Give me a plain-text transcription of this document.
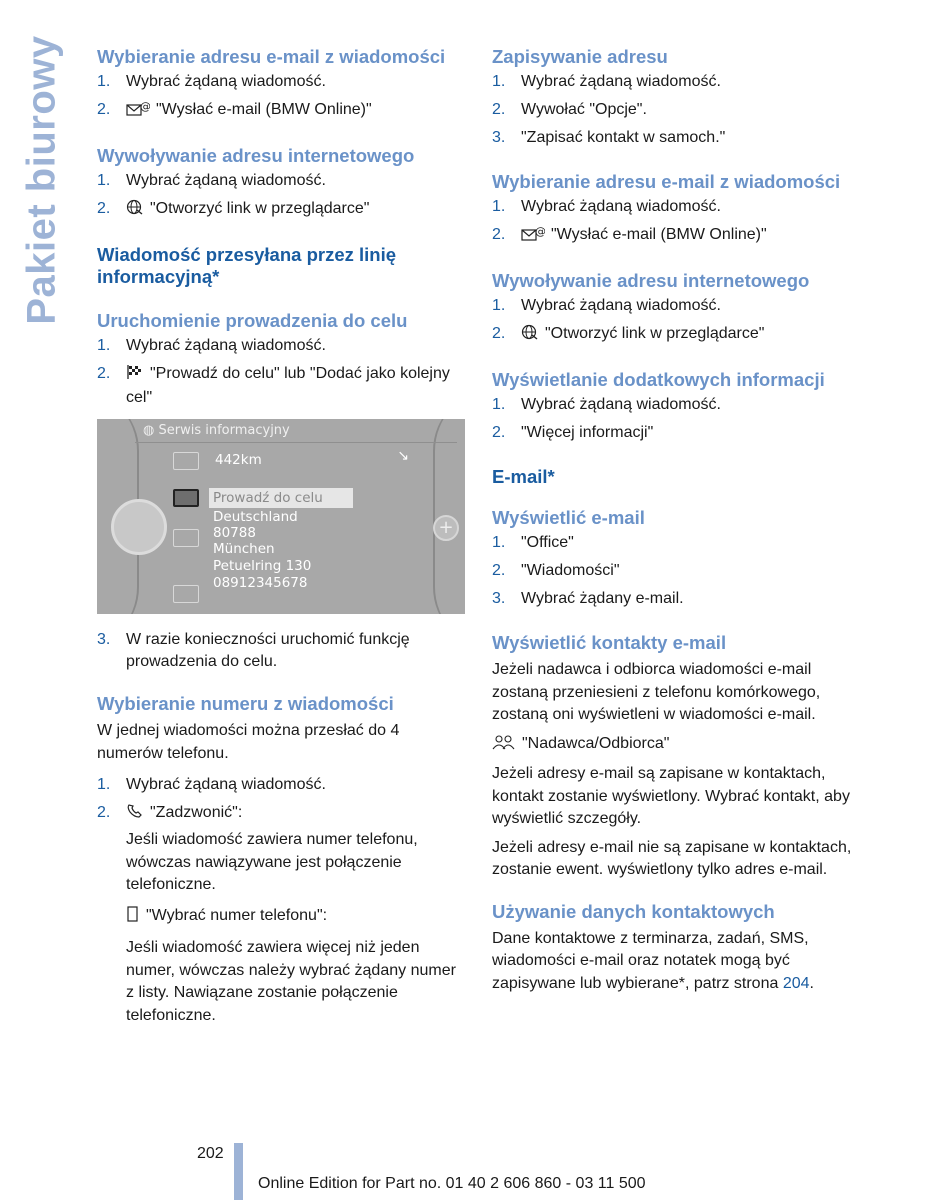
Pakiet biurowy Wybieranie adresu e-mail z wiadomości
1. Wybrać żądaną wiadomość.
2.	@ "Wysłać e-mail (BMW Online)"
Wywoływanie adresu internetowego
1. Wybrać żądaną wiadomość.
2.	"Otworzyć link w przeglądarce"
Wiadomość przesyłana przez linię informacyjną*
Uruchomienie prowadzenia do celu
1. Wybrać żądaną wiadomość.
2.	"Prowadź do celu" lub "Dodać jako kolejny cel"
◍ Serwis informacyjny
442km	↘
Prowadź do celu
Deutschland
80788
München
Petuelring 130
08912345678
+
3. W razie konieczności uruchomić funkcję prowadzenia do celu.
Wybieranie numeru z wiadomości
W jednej wiadomości można przesłać do 4 numerów telefonu.
1. Wybrać żądaną wiadomość.
2.	"Zadzwonić":
Jeśli wiadomość zawiera numer telefonu, wówczas nawiązywane jest połączenie telefoniczne.
"Wybrać numer telefonu":
Jeśli wiadomość zawiera więcej niż jeden numer, wówczas należy wybrać żądany numer z listy. Nawiązane zostanie połączenie telefoniczne.
Zapisywanie adresu
1. Wybrać żądaną wiadomość.
2. Wywołać "Opcje".
3. "Zapisać kontakt w samoch."
Wybieranie adresu e-mail z wiadomości
1. Wybrać żądaną wiadomość.
2.	@ "Wysłać e-mail (BMW Online)"
Wywoływanie adresu internetowego
1. Wybrać żądaną wiadomość.
2.	"Otworzyć link w przeglądarce"
Wyświetlanie dodatkowych informacji
1. Wybrać żądaną wiadomość.
2. "Więcej informacji"
E-mail*
Wyświetlić e-mail
1. "Office"
2. "Wiadomości"
3. Wybrać żądany e-mail.
Wyświetlić kontakty e-mail
Jeżeli nadawca i odbiorca wiadomości e-mail zostaną przeniesieni z telefonu komórkowego, zostaną oni wyświetleni w wiadomości e-mail.
"Nadawca/Odbiorca"
Jeżeli adresy e-mail są zapisane w kontaktach, kontakt zostanie wyświetlony. Wybrać kontakt, aby wyświetlić szczegóły.
Jeżeli adresy e-mail nie są zapisane w kontaktach, zostanie ewent. wyświetlony tylko adres e-mail.
Używanie danych kontaktowych
Dane kontaktowe z terminarza, zadań, SMS, wiadomości e-mail oraz notatek mogą być zapisywane lub wybierane*, patrz strona 204.
202
Online Edition for Part no. 01 40 2 606 860 - 03 11 500
